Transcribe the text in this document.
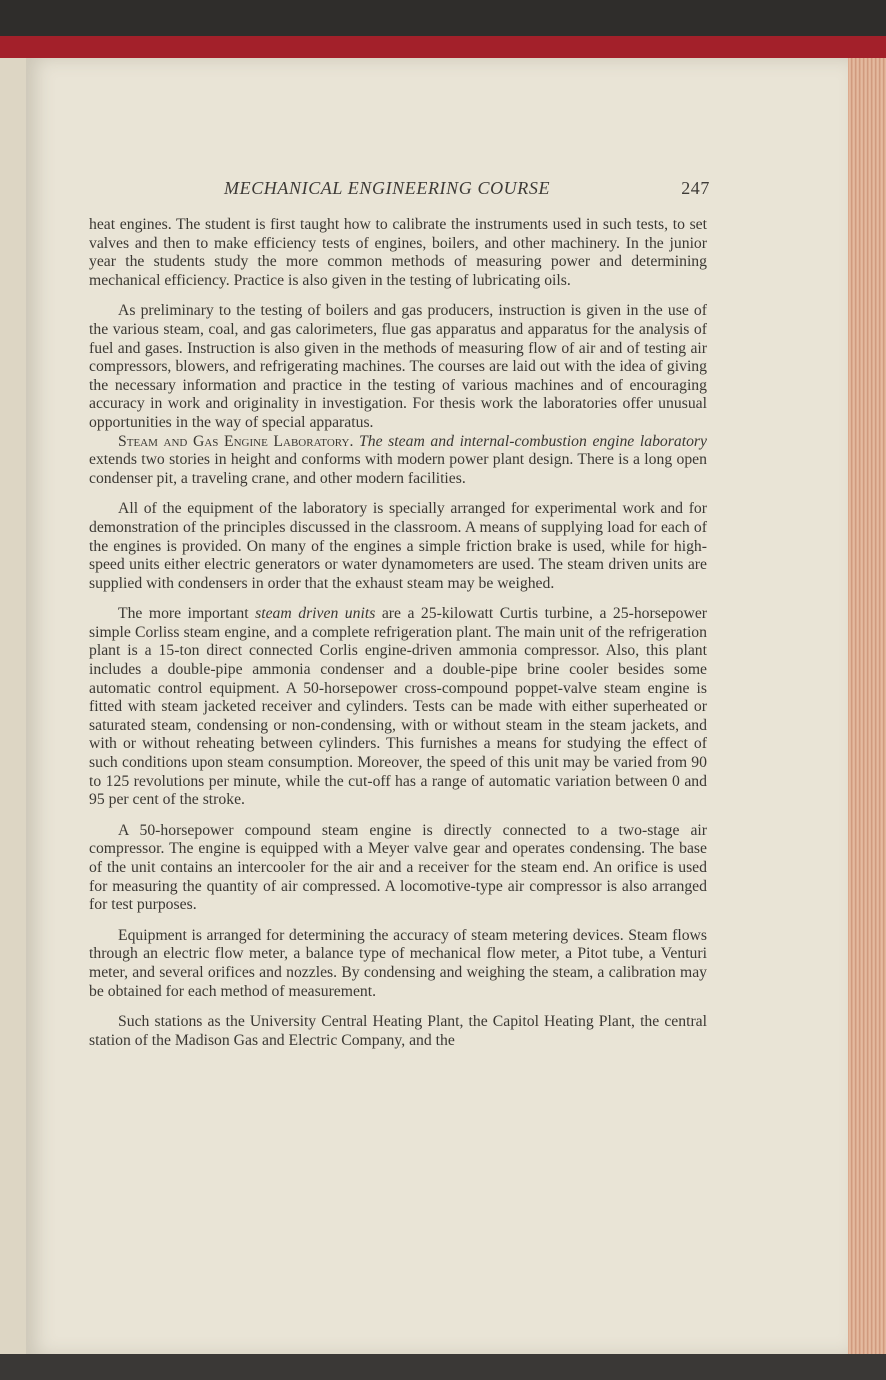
MECHANICAL ENGINEERING COURSE	247

heat engines. The student is first taught how to calibrate the instruments used in such tests, to set valves and then to make efficiency tests of engines, boilers, and other machinery. In the junior year the students study the more common methods of measuring power and determining mechanical efficiency. Practice is also given in the testing of lubricating oils.

As preliminary to the testing of boilers and gas producers, instruction is given in the use of the various steam, coal, and gas calorimeters, flue gas apparatus and apparatus for the analysis of fuel and gases. Instruction is also given in the methods of measuring flow of air and of testing air compressors, blowers, and refrigerating machines. The courses are laid out with the idea of giving the necessary information and practice in the testing of various machines and of encouraging accuracy in work and originality in investigation. For thesis work the laboratories offer unusual opportunities in the way of special apparatus.

Steam and Gas Engine Laboratory. The steam and internal-combustion engine laboratory extends two stories in height and conforms with modern power plant design. There is a long open condenser pit, a traveling crane, and other modern facilities.

All of the equipment of the laboratory is specially arranged for experimental work and for demonstration of the principles discussed in the classroom. A means of supplying load for each of the engines is provided. On many of the engines a simple friction brake is used, while for high-speed units either electric generators or water dynamometers are used. The steam driven units are supplied with condensers in order that the exhaust steam may be weighed.

The more important steam driven units are a 25-kilowatt Curtis turbine, a 25-horsepower simple Corliss steam engine, and a complete refrigeration plant. The main unit of the refrigeration plant is a 15-ton direct connected Corlis engine-driven ammonia compressor. Also, this plant includes a double-pipe ammonia condenser and a double-pipe brine cooler besides some automatic control equipment. A 50-horsepower cross-compound poppet-valve steam engine is fitted with steam jacketed receiver and cylinders. Tests can be made with either superheated or saturated steam, condensing or non-condensing, with or without steam in the steam jackets, and with or without reheating between cylinders. This furnishes a means for studying the effect of such conditions upon steam consumption. Moreover, the speed of this unit may be varied from 90 to 125 revolutions per minute, while the cut-off has a range of automatic variation between 0 and 95 per cent of the stroke.

A 50-horsepower compound steam engine is directly connected to a two-stage air compressor. The engine is equipped with a Meyer valve gear and operates condensing. The base of the unit contains an intercooler for the air and a receiver for the steam end. An orifice is used for measuring the quantity of air compressed. A locomotive-type air compressor is also arranged for test purposes.

Equipment is arranged for determining the accuracy of steam metering devices. Steam flows through an electric flow meter, a balance type of mechanical flow meter, a Pitot tube, a Venturi meter, and several orifices and nozzles. By condensing and weighing the steam, a calibration may be obtained for each method of measurement.

Such stations as the University Central Heating Plant, the Capitol Heating Plant, the central station of the Madison Gas and Electric Company, and the
